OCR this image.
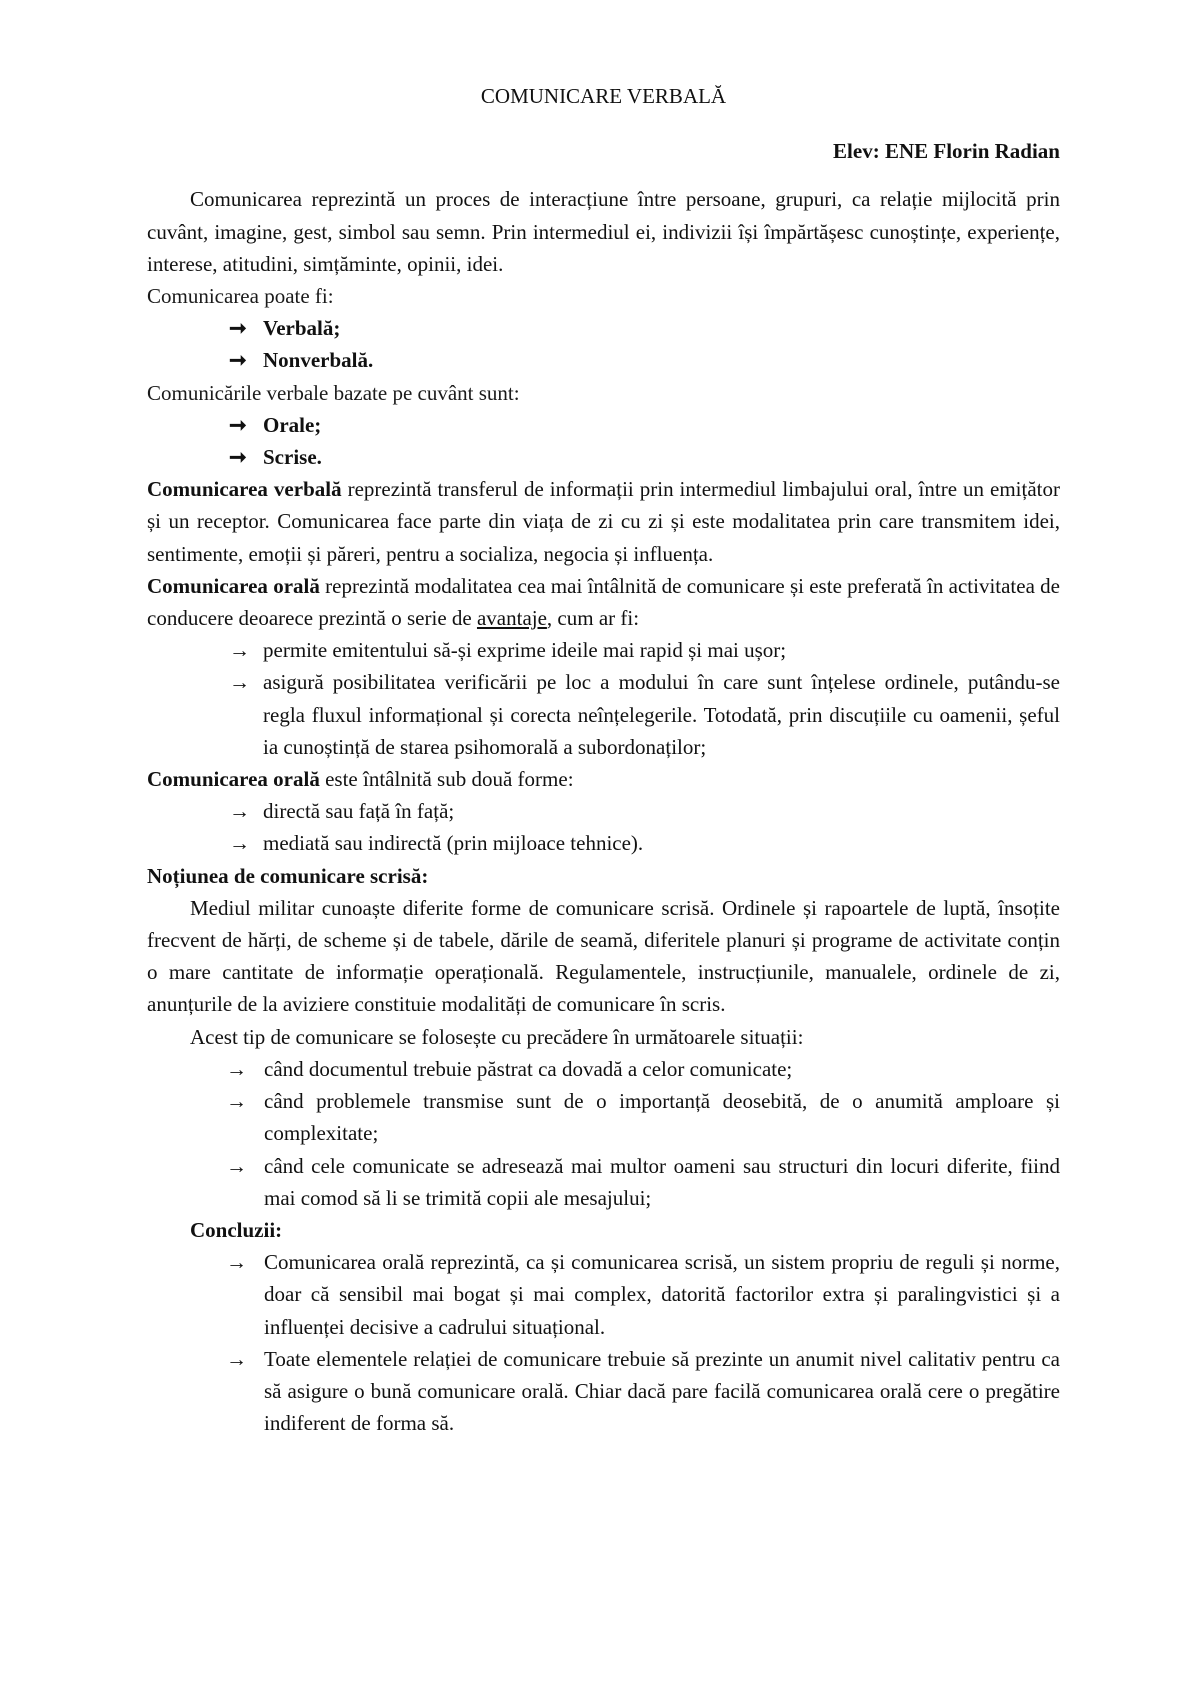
COMUNICARE VERBALĂ

Elev: ENE Florin Radian

Comunicarea reprezintă un proces de interacțiune între persoane, grupuri, ca relație mijlocită prin cuvânt, imagine, gest, simbol sau semn. Prin intermediul ei, indivizii își împărtășesc cunoștințe, experiențe, interese, atitudini, simțăminte, opinii, idei.

Comunicarea poate fi:

➞ Verbală;
➞ Nonverbală.

Comunicările verbale bazate pe cuvânt sunt:

➞ Orale;
➞ Scrise.

Comunicarea verbală reprezintă transferul de informații prin intermediul limbajului oral, între un emițător și un receptor. Comunicarea face parte din viața de zi cu zi și este modalitatea prin care transmitem idei, sentimente, emoții și păreri, pentru a socializa, negocia și influența.

Comunicarea orală reprezintă modalitatea cea mai întâlnită de comunicare și este preferată în activitatea de conducere deoarece prezintă o serie de avantaje, cum ar fi:

→ permite emitentului să-și exprime ideile mai rapid și mai ușor;
→ asigură posibilitatea verificării pe loc a modului în care sunt înțelese ordinele, putându-se regla fluxul informațional și corecta neînțelegerile. Totodată, prin discuțiile cu oamenii, șeful ia cunoștință de starea psihomorală a subordonaților;

Comunicarea orală este întâlnită sub două forme:

→ directă sau față în față;
→ mediată sau indirectă (prin mijloace tehnice).

Noțiunea de comunicare scrisă:

Mediul militar cunoaște diferite forme de comunicare scrisă. Ordinele și rapoartele de luptă, însoțite frecvent de hărți, de scheme și de tabele, dările de seamă, diferitele planuri și programe de activitate conțin o mare cantitate de informație operațională. Regulamentele, instrucțiunile, manualele, ordinele de zi, anunțurile de la aviziere constituie modalități de comunicare în scris.

Acest tip de comunicare se folosește cu precădere în următoarele situații:

→ când documentul trebuie păstrat ca dovadă a celor comunicate;
→ când problemele transmise sunt de o importanță deosebită, de o anumită amploare și complexitate;
→ când cele comunicate se adresează mai multor oameni sau structuri din locuri diferite, fiind mai comod să li se trimită copii ale mesajului;

Concluzii:

→ Comunicarea orală reprezintă, ca și comunicarea scrisă, un sistem propriu de reguli și norme, doar că sensibil mai bogat și mai complex, datorită factorilor extra și paralingvistici și a influenței decisive a cadrului situațional.
→ Toate elementele relației de comunicare trebuie să prezinte un anumit nivel calitativ pentru ca să asigure o bună comunicare orală. Chiar dacă pare facilă comunicarea orală cere o pregătire indiferent de forma să.
